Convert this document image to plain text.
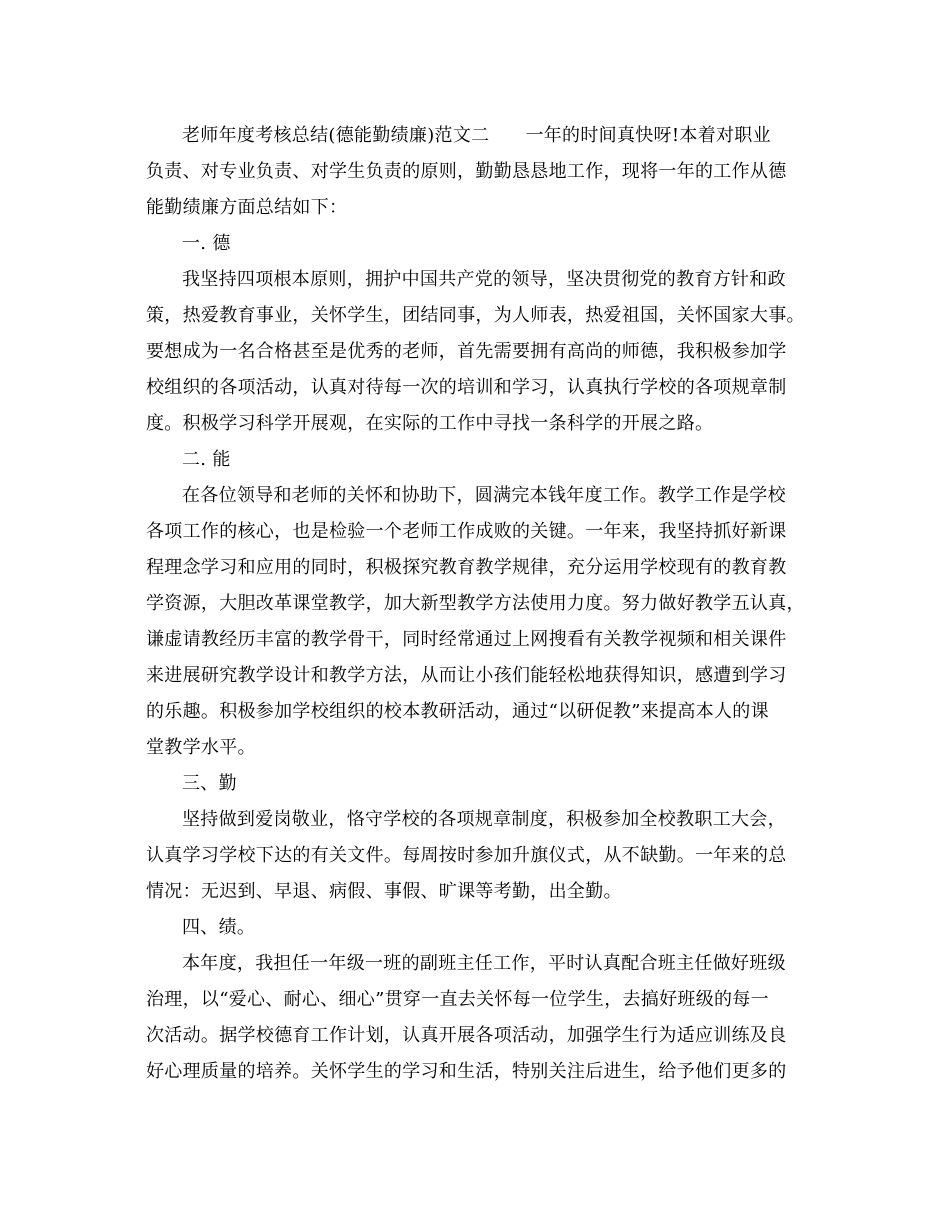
老师年度考核总结(德能勤绩廉)范文二 一年的时间真快呀!本着对职业
负责、对专业负责、对学生负责的原则，勤勤恳恳地工作，现将一年的工作从德
能勤绩廉方面总结如下：
一. 德
我坚持四项根本原则，拥护中国共产党的领导，坚决贯彻党的教育方针和政
策，热爱教育事业，关怀学生，团结同事，为人师表，热爱祖国，关怀国家大事。
要想成为一名合格甚至是优秀的老师，首先需要拥有高尚的师德，我积极参加学
校组织的各项活动，认真对待每一次的培训和学习，认真执行学校的各项规章制
度。积极学习科学开展观，在实际的工作中寻找一条科学的开展之路。
二. 能
在各位领导和老师的关怀和协助下，圆满完本钱年度工作。教学工作是学校
各项工作的核心，也是检验一个老师工作成败的关键。一年来，我坚持抓好新课
程理念学习和应用的同时，积极探究教育教学规律，充分运用学校现有的教育教
学资源，大胆改革课堂教学，加大新型教学方法使用力度。努力做好教学五认真，
谦虚请教经历丰富的教学骨干，同时经常通过上网搜看有关教学视频和相关课件
来进展研究教学设计和教学方法，从而让小孩们能轻松地获得知识，感遭到学习
的乐趣。积极参加学校组织的校本教研活动，通过“以研促教”来提高本人的课
堂教学水平。
三、勤
坚持做到爱岗敬业，恪守学校的各项规章制度，积极参加全校教职工大会，
认真学习学校下达的有关文件。每周按时参加升旗仪式，从不缺勤。一年来的总
情况：无迟到、早退、病假、事假、旷课等考勤，出全勤。
四、绩。
本年度，我担任一年级一班的副班主任工作，平时认真配合班主任做好班级
治理，以“爱心、耐心、细心”贯穿一直去关怀每一位学生，去搞好班级的每一
次活动。据学校德育工作计划，认真开展各项活动，加强学生行为适应训练及良
好心理质量的培养。关怀学生的学习和生活，特别关注后进生，给予他们更多的
